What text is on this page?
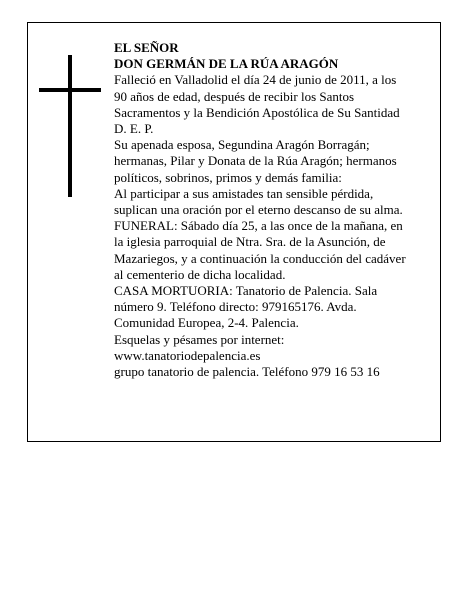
EL SEÑOR
DON GERMÁN DE LA RÚA ARAGÓN
Falleció en Valladolid el día 24 de junio de 2011, a los
90 años de edad, después de recibir los Santos
Sacramentos y la Bendición Apostólica de Su Santidad
D. E. P.
Su apenada esposa, Segundina Aragón Borragán;
hermanas, Pilar y Donata de la Rúa Aragón; hermanos
políticos, sobrinos, primos y demás familia:
Al participar a sus amistades tan sensible pérdida,
suplican una oración por el eterno descanso de su alma.
FUNERAL: Sábado día 25, a las once de la mañana, en
la iglesia parroquial de Ntra. Sra. de la Asunción, de
Mazariegos, y a continuación la conducción del cadáver
al cementerio de dicha localidad.
CASA MORTUORIA: Tanatorio de Palencia. Sala
número 9. Teléfono directo: 979165176. Avda.
Comunidad Europea, 2-4. Palencia.
Esquelas y pésames por internet:
www.tanatoriodepalencia.es
grupo tanatorio de palencia. Teléfono 979 16 53 16
